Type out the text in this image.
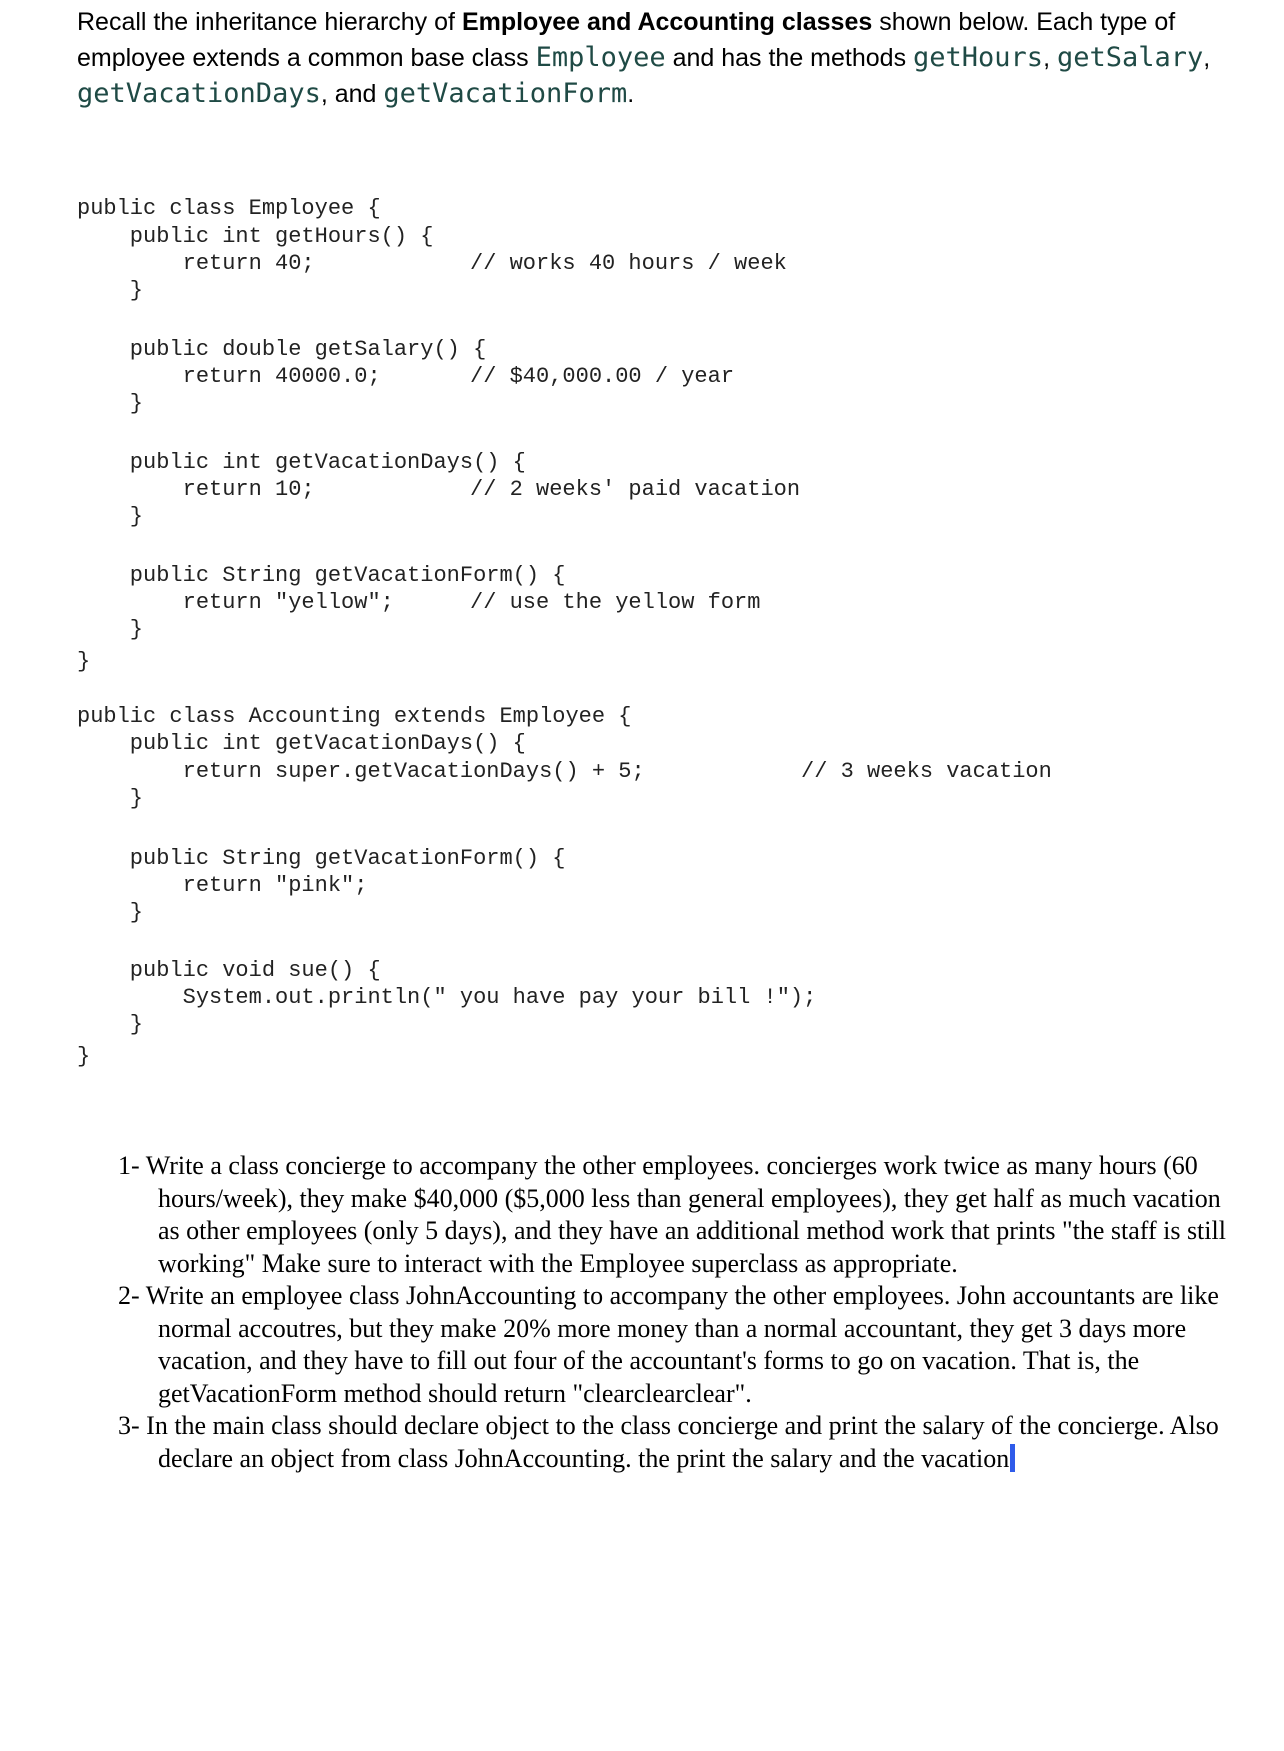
Recall the inheritance hierarchy of Employee and Accounting classes shown below. Each type of employee extends a common base class Employee and has the methods getHours, getSalary, getVacationDays, and getVacationForm.

public class Employee {

public int getHours() {

return 40;

	// works 40 hours / week

}

public double getSalary() {

return 40000.0;

	// $40,000.00 / year

}

public int getVacationDays() {

return 10;

	// 2 weeks' paid vacation

}

public String getVacationForm() {

return "yellow";

	// use the yellow form

}

}

public class Accounting extends Employee {

public int getVacationDays() {

return super.getVacationDays() + 5;

	// 3 weeks vacation

}

public String getVacationForm() {

return "pink";

}

public void sue() {

System.out.println(" you have pay your bill !");

}

}

1- Write a class concierge to accompany the other employees. concierges work twice as many hours (60 hours/week), they make $40,000 ($5,000 less than general employees), they get half as much vacation as other employees (only 5 days), and they have an additional method work that prints "the staff is still working" Make sure to interact with the Employee superclass as appropriate.
2- Write an employee class JohnAccounting to accompany the other employees. John accountants are like normal accoutres, but they make 20% more money than a normal accountant, they get 3 days more vacation, and they have to fill out four of the accountant's forms to go on vacation. That is, the getVacationForm method should return "clearclearclear".
3- In the main class should declare object to the class concierge and print the salary of the concierge. Also declare an object from class JohnAccounting. the print the salary and the vacation
